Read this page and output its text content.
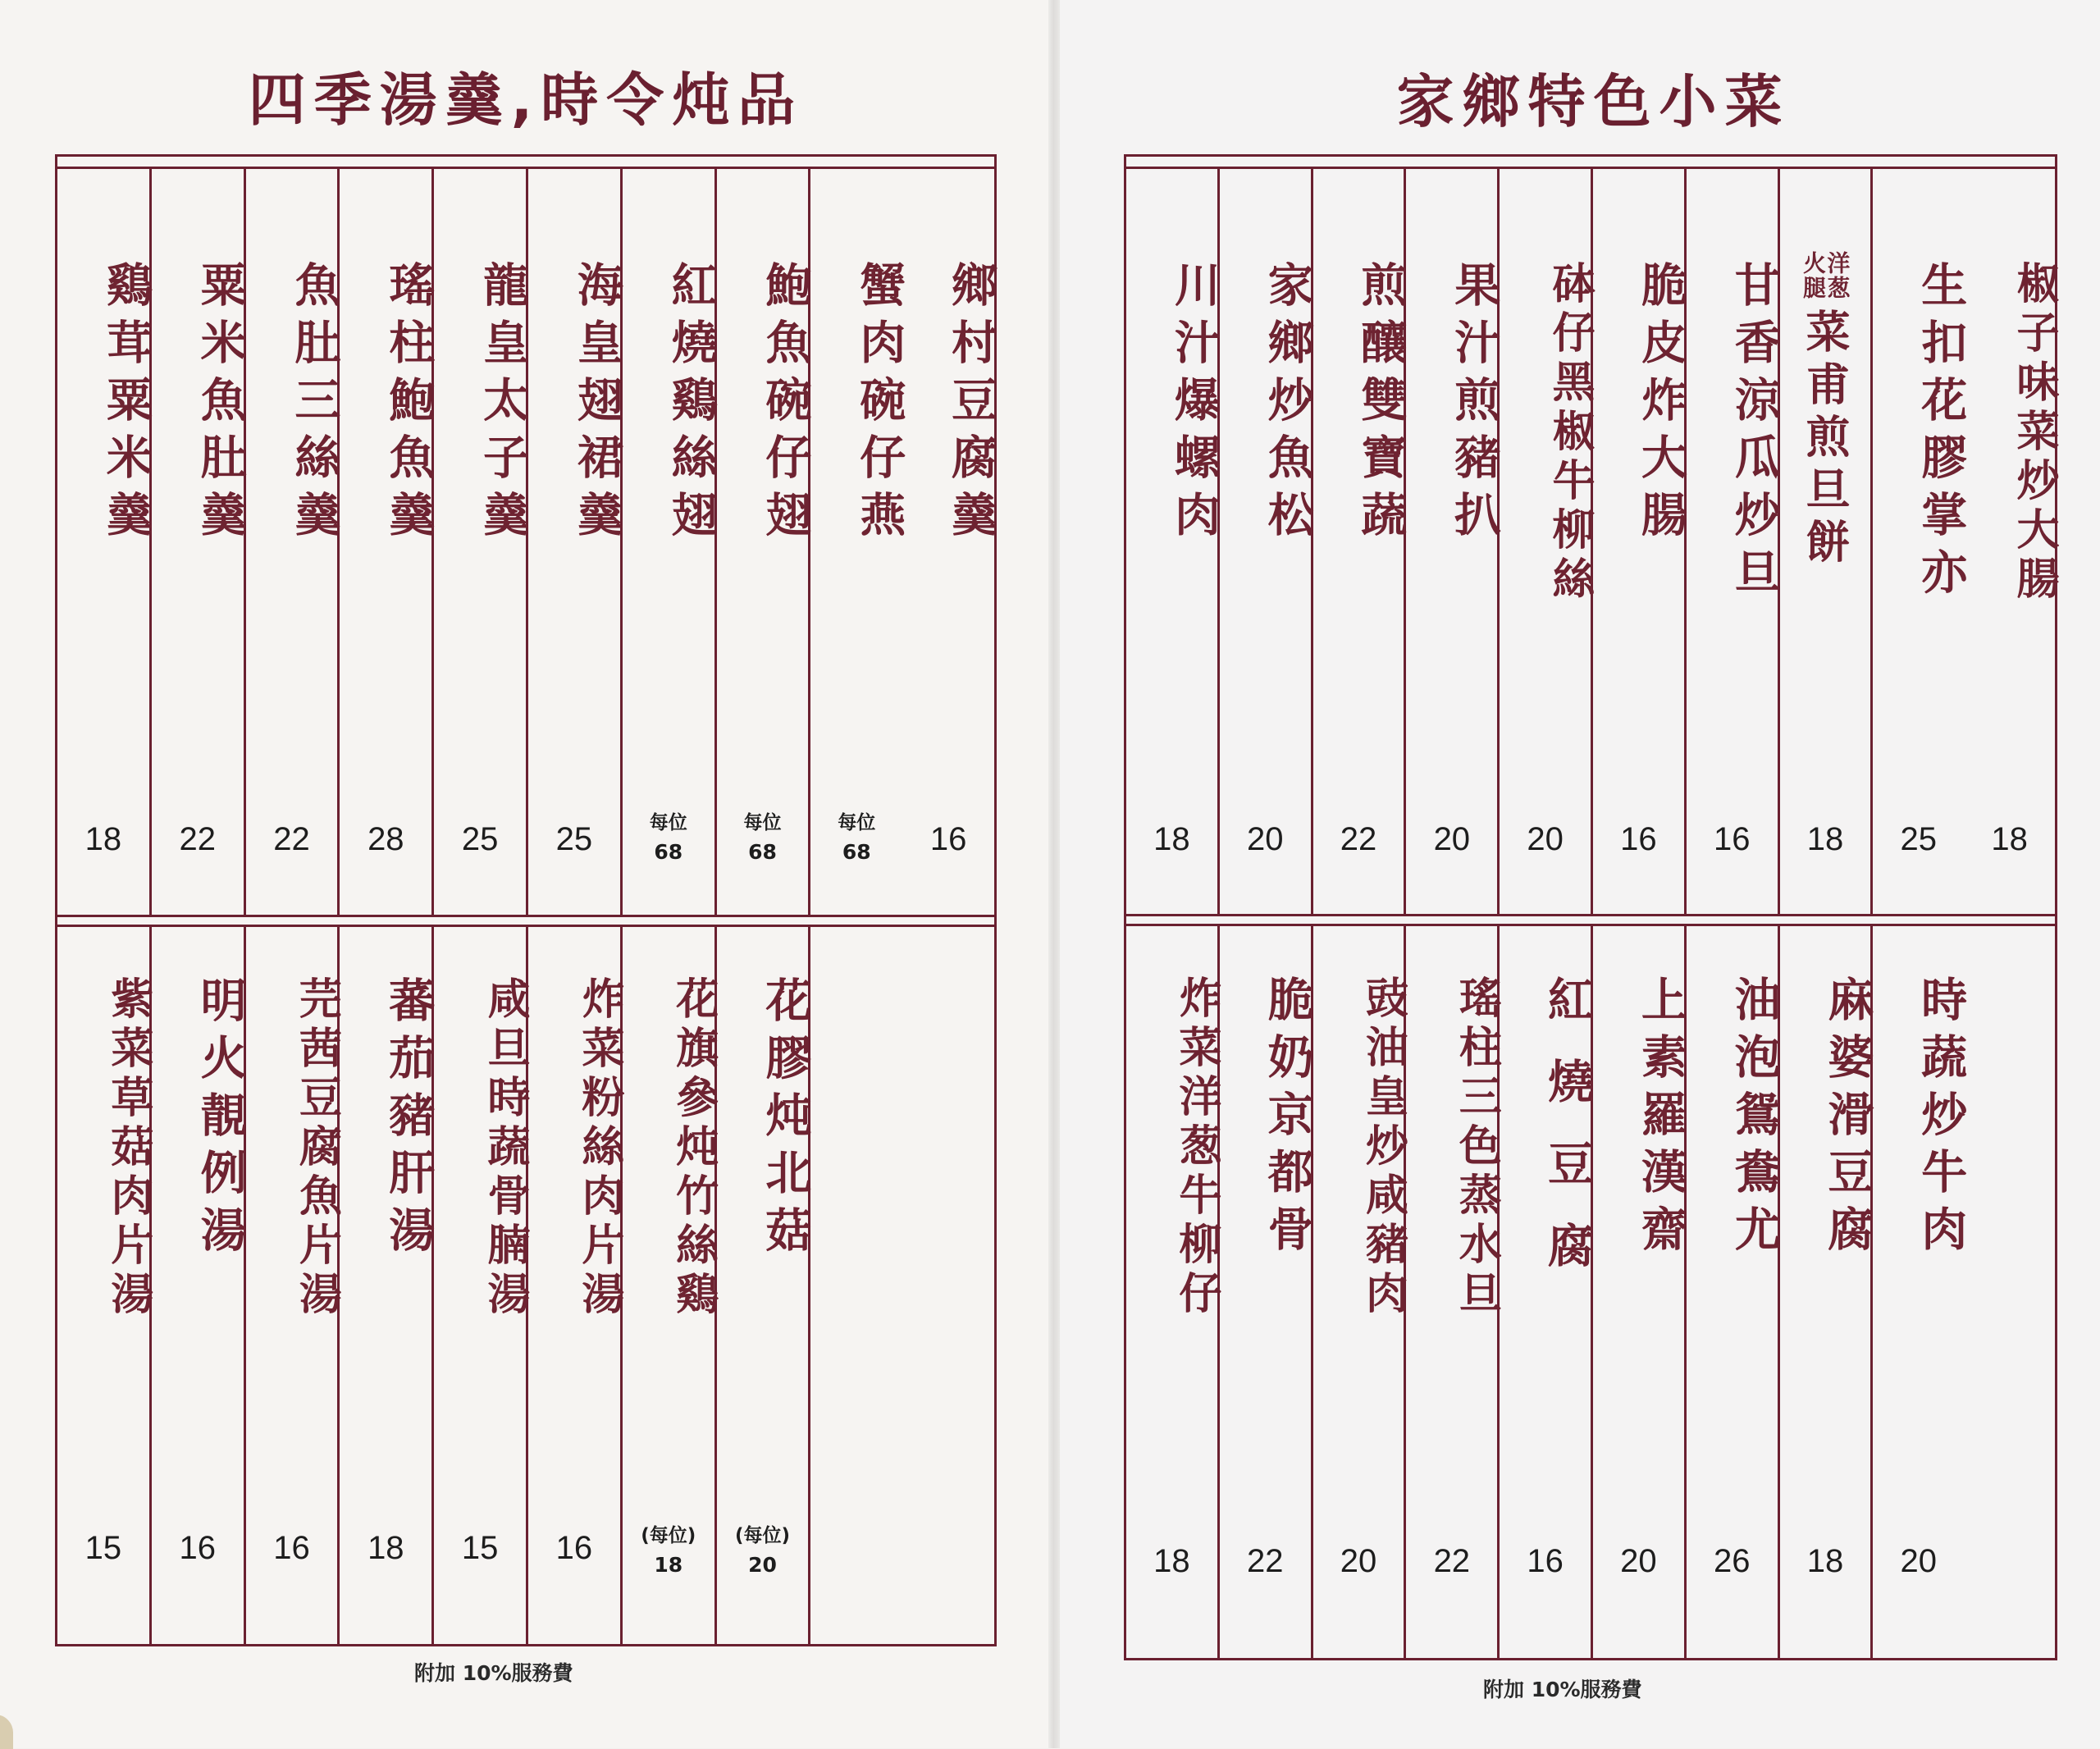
四季湯羹,時令炖品
鄉村豆腐羹
16
蟹肉碗仔燕
每位
68
鮑魚碗仔翅
每位
68
紅燒鷄絲翅
每位
68
海皇翅裙羹
25
龍皇太子羹
25
瑤柱鮑魚羹
28
魚肚三絲羹
22
粟米魚肚羹
22
鷄茸粟米羹
18
花膠炖北菇
(每位)
20
花旗參炖竹絲鷄
(每位)
18
炸菜粉絲肉片湯
16
咸旦時蔬骨腩湯
15
蕃茄豬肝湯
18
芫茜豆腐魚片湯
16
明火靚例湯
16
紫菜草菇肉片湯
15
附加 10%服務費
家鄉特色小菜
椒子味菜炒大腸
18
生扣花膠掌亦
25
洋葱
火腿
菜甫煎旦餅
18
甘香涼瓜炒旦
16
脆皮炸大腸
16
砵仔黑椒牛柳絲
20
果汁煎豬扒
20
煎釀雙寶蔬
22
家鄉炒魚松
20
川汁爆螺肉
18
時蔬炒牛肉
20
麻婆滑豆腐
18
油泡鴛鴦尤
26
上素羅漢齋
20
紅燒豆腐
16
瑤柱三色蒸水旦
22
豉油皇炒咸豬肉
20
脆奶京都骨
22
炸菜洋葱牛柳仔
18
附加 10%服務費
